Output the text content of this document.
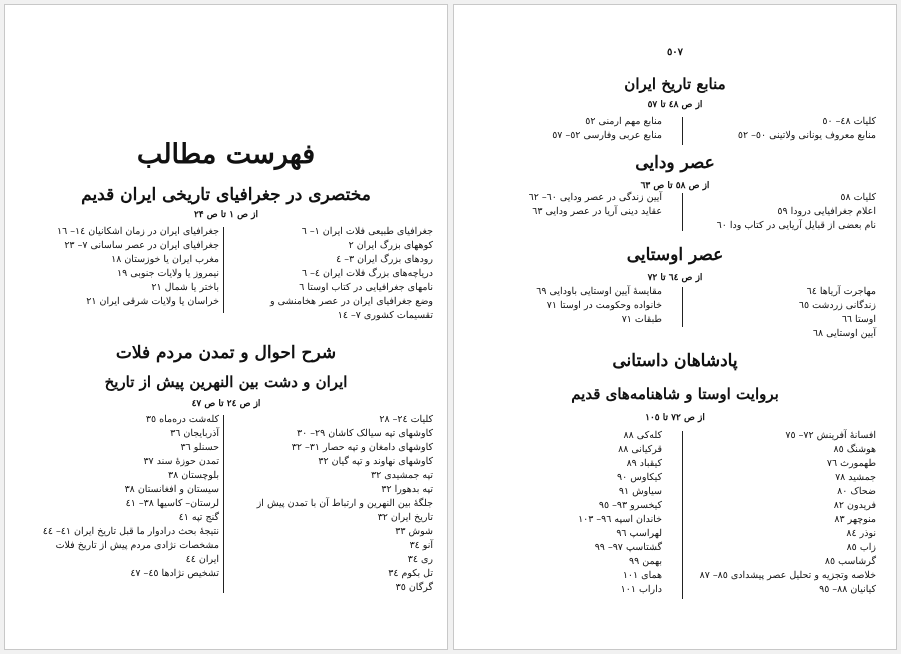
فهرست مطالب
مختصری در جغرافیای تاریخی ایران قدیم
از ص ۱ تا ص ۲۴
جغرافیای طبیعی فلات ایران ۱– ٦
کوههای بزرگ ایران ۲
رودهای بزرگ ایران ۳– ٤
دریاچه‌های بزرگ فلات ایران ٤– ٦
نامهای جغرافیایی در کتاب اوستا ٦
وضع جغرافیای ایران در عصر هخامنشی و
تقسیمات کشوری ۷– ۱٤
جغرافیای ایران در زمان اشکانیان ۱٤– ۱٦
جغرافیای ایران در عصر ساسانی ۷– ۲۳
مغرب ایران یا خوزستان ۱۸
نیمروز یا ولایات جنوبی ۱۹
باختر یا شمال ۲۱
خراسان یا ولایات شرقی ایران ۲۱
شرح احوال و تمدن مردم فلات
ایران و دشت بین النهرین پیش از تاریخ
از ص ۲٤ تا ص ٤۷
کلیات ۲٤– ۲۸
کاوشهای تپه سیالک کاشان ۲۹– ۳۰
کاوشهای دامغان و تپه حصار ۳۱– ۳۲
کاوشهای نهاوند و تپه گیان ۳۲
تپه جمشیدی ۳۲
تپه بدهورا ۳۲
جلگهٔ بین النهرین و ارتباط آن با تمدن پیش از
تاریخ ایران ۳۲
شوش ۳۳
آنو ۳٤
ری ۳٤
تل بکوم ۳٤
گرگان ۳٥
کله‌شت دره‌ماه ۳٥
آذربایجان ۳٦
حسنلو ۳٦
تمدن حوزهٔ سند ۳۷
بلوچستان ۳۸
سیستان و افغانستان ۳۸
لرستان– کاسیها ۳۸– ٤۱
گنج تپه ٤۱
نتیجهٔ بحث درادوار ما قبل تاریخ ایران ٤۱– ٤٤
مشخصات نژادی مردم پیش از تاریخ فلات
ایران ٤٤
تشخیص نژادها ٤٥– ٤۷
٥۰۷
منابع تاریخ ایران
از ص ٤۸ تا ٥۷
کلیات ٤۸– ٥۰
منابع معروف یونانی ولاتینی ٥۰– ٥۲
منابع مهم ارمنی ٥۲
منابع عربی وفارسی ٥۲– ٥۷
عصر ودایی
از ص ٥۸ تا ص ٦۳
کلیات ٥۸
اعلام جغرافیایی درودا ٥۹
نام بعضی از قبایل آریایی در کتاب ودا ٦۰
آیین زندگی در عصر ودایی ٦۰– ٦۲
عقاید دینی آریا در عصر ودایی ٦۳
عصر اوستایی
از ص ٦٤ تا ۷۲
مهاجرت آریاها ٦٤
زندگانی زردشت ٦٥
اوستا ٦٦
آیین اوستایی ٦۸
مقایسهٔ آیین اوستایی باودایی ٦۹
خانواده وحکومت در اوستا ۷۱
طبقات ۷۱
پادشاهان داستانی
بروایت اوستا و شاهنامه‌های قدیم
از ص ۷۲ تا ۱۰٥
افسانهٔ آفرینش ۷۲– ۷٥
هوشنگ ۸٥
طهمورث ۷٦
جمشید ۷۸
ضحاک ۸۰
فریدون ۸۲
منوچهر ۸۳
نوذر ۸٤
زاب ۸٥
گرشاسب ۸٥
خلاصه وتجزیه و تحلیل عصر پیشدادی ۸٥– ۸۷
کیانیان ۸۸– ۹٥
کله‌کی ۸۸
قرکیانی ۸۸
کیقباد ۸۹
کیکاوس ۹۰
سیاوش ۹۱
کیخسرو ۹۳– ۹٥
خاندان اسپه ۹٦– ۱۰۳
لهراسپ ۹٦
گشتاسپ ۹۷– ۹۹
بهمن ۹۹
همای ۱۰۱
داراب ۱۰۱
